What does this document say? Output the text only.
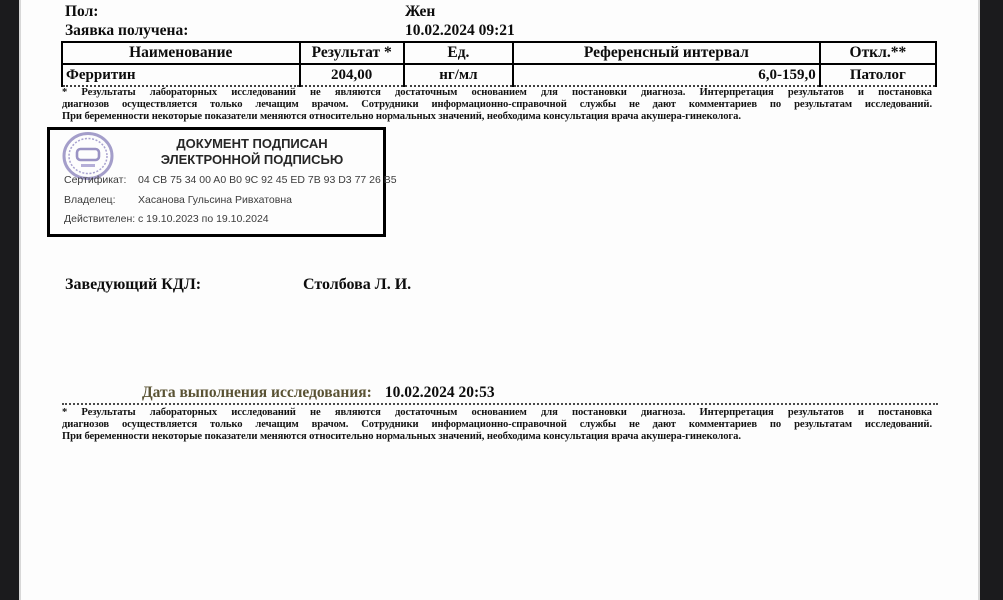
Пол:	Жен
Заявка получена:	10.02.2024 09:21
Наименование	Результат *	Ед.	Референсный интервал	Откл.**
Ферритин	204,00	нг/мл	6,0-159,0	Патолог
* Результаты лабораторных исследований не являются достаточным основанием для постановки диагноза. Интерпретация результатов и постановка
диагнозов осуществляется только лечащим врачом. Сотрудники информационно-справочной службы не дают комментариев по результатам исследований.
При беременности некоторые показатели меняются относительно нормальных значений, необходима консультация врача акушера-гинеколога.
ДОКУМЕНТ ПОДПИСАН
ЭЛЕКТРОННОЙ ПОДПИСЬЮ
Сертификат: 04 CB 75 34 00 A0 B0 9C 92 45 ED 7B 93 D3 77 26 B5
Владелец: Хасанова Гульсина Ривхатовна
Действителен: с 19.10.2023 по 19.10.2024
Заведующий КДЛ:	Столбова Л. И.
Дата выполнения исследования: 10.02.2024 20:53
* Результаты лабораторных исследований не являются достаточным основанием для постановки диагноза. Интерпретация результатов и постановка
диагнозов осуществляется только лечащим врачом. Сотрудники информационно-справочной службы не дают комментариев по результатам исследований.
При беременности некоторые показатели меняются относительно нормальных значений, необходима консультация врача акушера-гинеколога.
